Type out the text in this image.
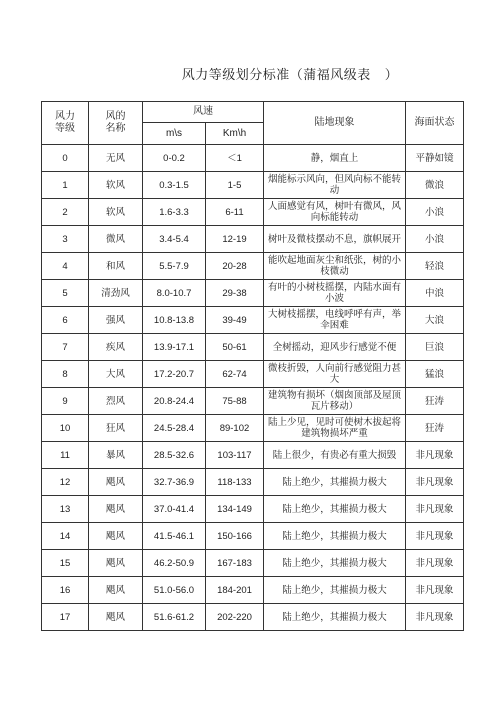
风力等级划分标准（蒲福风级表 ）
风力
等级	风的
名称	风速		陆地现象	海面状态
		m\s	Km\h		
0	无风	0-0.2	＜1	静，烟直上	平静如镜
1	软风	0.3-1.5	1-5	烟能标示风向，但风向标不能转动	微浪
2	软风	1.6-3.3	6-11	人面感觉有风，树叶有微风，风向标能转动	小浪
3	微风	3.4-5.4	12-19	树叶及微枝摆动不息，旗帜展开	小浪
4	和风	5.5-7.9	20-28	能吹起地面灰尘和纸张，树的小枝微动	轻浪
5	清劲风	8.0-10.7	29-38	有叶的小树枝摇摆，内陆水面有小波	中浪
6	强风	10.8-13.8	39-49	大树枝摇摆，电线呼呼有声，举伞困难	大浪
7	疾风	13.9-17.1	50-61	全树摇动，迎风步行感觉不便	巨浪
8	大风	17.2-20.7	62-74	微枝折毁，人向前行感觉阻力甚大	猛浪
9	烈风	20.8-24.4	75-88	建筑物有损坏（烟囱顶部及屋顶瓦片移动）	狂涛
10	狂风	24.5-28.4	89-102	陆上少见，见时可使树木拔起将建筑物损坏严重	狂涛
11	暴风	28.5-32.6	103-117	陆上很少，有贵必有重大损毁	非凡现象
12	飓风	32.7-36.9	118-133	陆上绝少，其摧损力极大	非凡现象
13	飓风	37.0-41.4	134-149	陆上绝少，其摧损力极大	非凡现象
14	飓风	41.5-46.1	150-166	陆上绝少，其摧损力极大	非凡现象
15	飓风	46.2-50.9	167-183	陆上绝少，其摧损力极大	非凡现象
16	飓风	51.0-56.0	184-201	陆上绝少，其摧损力极大	非凡现象
17	飓风	51.6-61.2	202-220	陆上绝少，其摧损力极大	非凡现象
